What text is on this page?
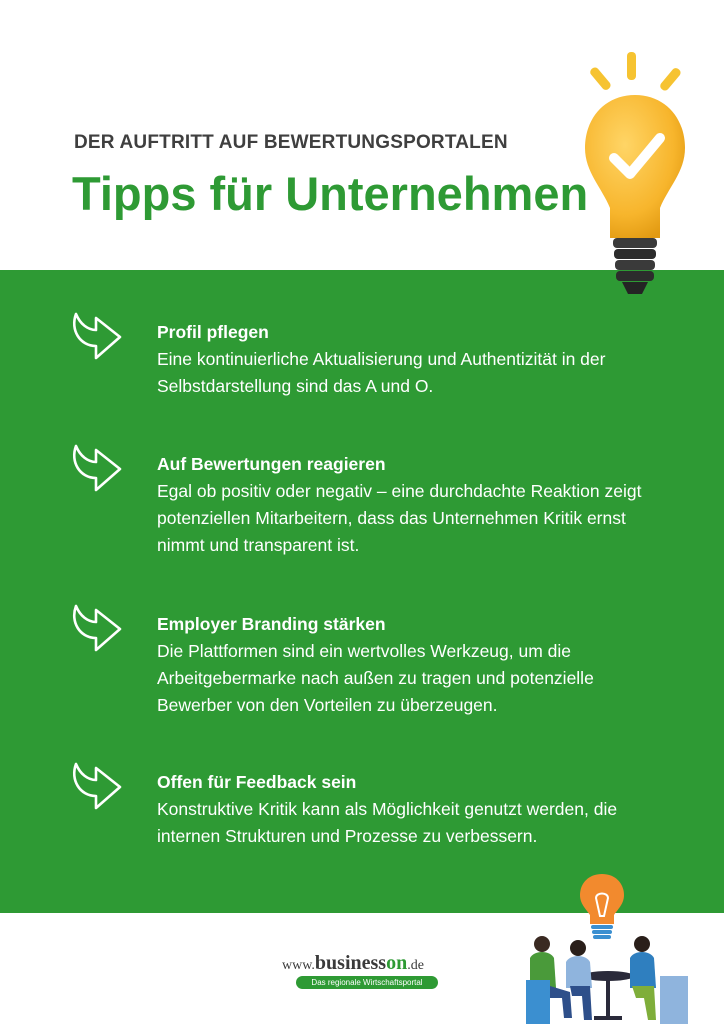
DER AUFTRITT AUF BEWERTUNGSPORTALEN
Tipps für Unternehmen
Profil pflegen
Eine kontinuierliche Aktualisierung und Authentizität in der Selbstdarstellung sind das A und O.
Auf Bewertungen reagieren
Egal ob positiv oder negativ – eine durchdachte Reaktion zeigt potenziellen Mitarbeitern, dass das Unternehmen Kritik ernst nimmt und transparent ist.
Employer Branding stärken
Die Plattformen sind ein wertvolles Werkzeug, um die Arbeitgebermarke nach außen zu tragen und potenzielle Bewerber von den Vorteilen zu überzeugen.
Offen für Feedback sein
Konstruktive Kritik kann als Möglichkeit genutzt werden, die internen Strukturen und Prozesse zu verbessern.
www.businesson.de
Das regionale Wirtschaftsportal
